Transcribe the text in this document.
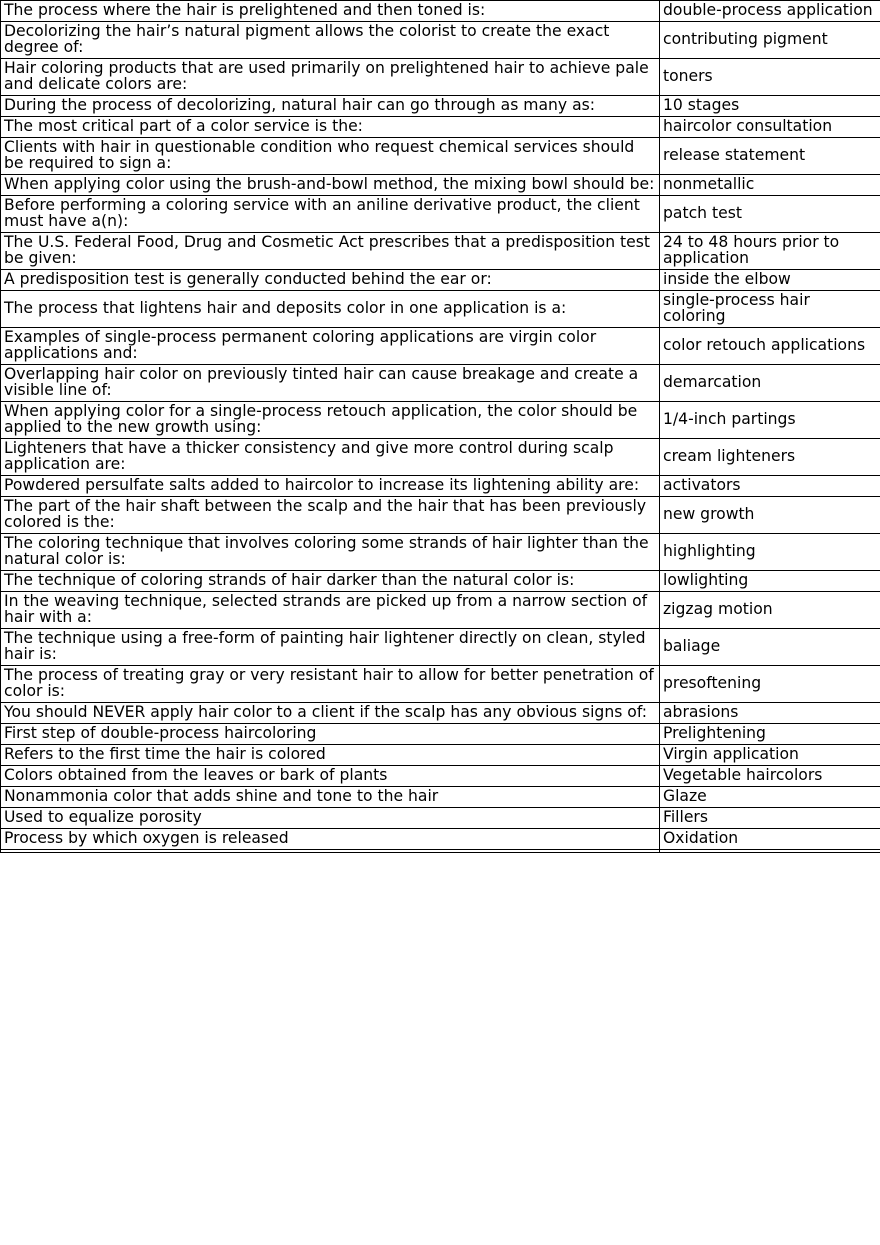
The process where the hair is prelightened and then toned is:	double-process application
Decolorizing the hair’s natural pigment allows the colorist to create the exact degree of:	contributing pigment
Hair coloring products that are used primarily on prelightened hair to achieve pale and delicate colors are:	toners
During the process of decolorizing, natural hair can go through as many as:	10 stages
The most critical part of a color service is the:	haircolor consultation
Clients with hair in questionable condition who request chemical services should be required to sign a:	release statement
When applying color using the brush-and-bowl method, the mixing bowl should be:	nonmetallic
Before performing a coloring service with an aniline derivative product, the client must have a(n):	patch test
The U.S. Federal Food, Drug and Cosmetic Act prescribes that a predisposition test be given:	24 to 48 hours prior to application
A predisposition test is generally conducted behind the ear or:	inside the elbow
The process that lightens hair and deposits color in one application is a:	single-process hair coloring
Examples of single-process permanent coloring applications are virgin color applications and:	color retouch applications
Overlapping hair color on previously tinted hair can cause breakage and create a visible line of:	demarcation
When applying color for a single-process retouch application, the color should be applied to the new growth using:	1/4-inch partings
Lighteners that have a thicker consistency and give more control during scalp application are:	cream lighteners
Powdered persulfate salts added to haircolor to increase its lightening ability are:	activators
The part of the hair shaft between the scalp and the hair that has been previously colored is the:	new growth
The coloring technique that involves coloring some strands of hair lighter than the natural color is:	highlighting
The technique of coloring strands of hair darker than the natural color is:	lowlighting
In the weaving technique, selected strands are picked up from a narrow section of hair with a:	zigzag motion
The technique using a free-form of painting hair lightener directly on clean, styled hair is:	baliage
The process of treating gray or very resistant hair to allow for better penetration of color is:	presoftening
You should NEVER apply hair color to a client if the scalp has any obvious signs of:	abrasions
First step of double-process haircoloring	Prelightening
Refers to the first time the hair is colored	Virgin application
Colors obtained from the leaves or bark of plants	Vegetable haircolors
Nonammonia color that adds shine and tone to the hair	Glaze
Used to equalize porosity	Fillers
Process by which oxygen is released	Oxidation
